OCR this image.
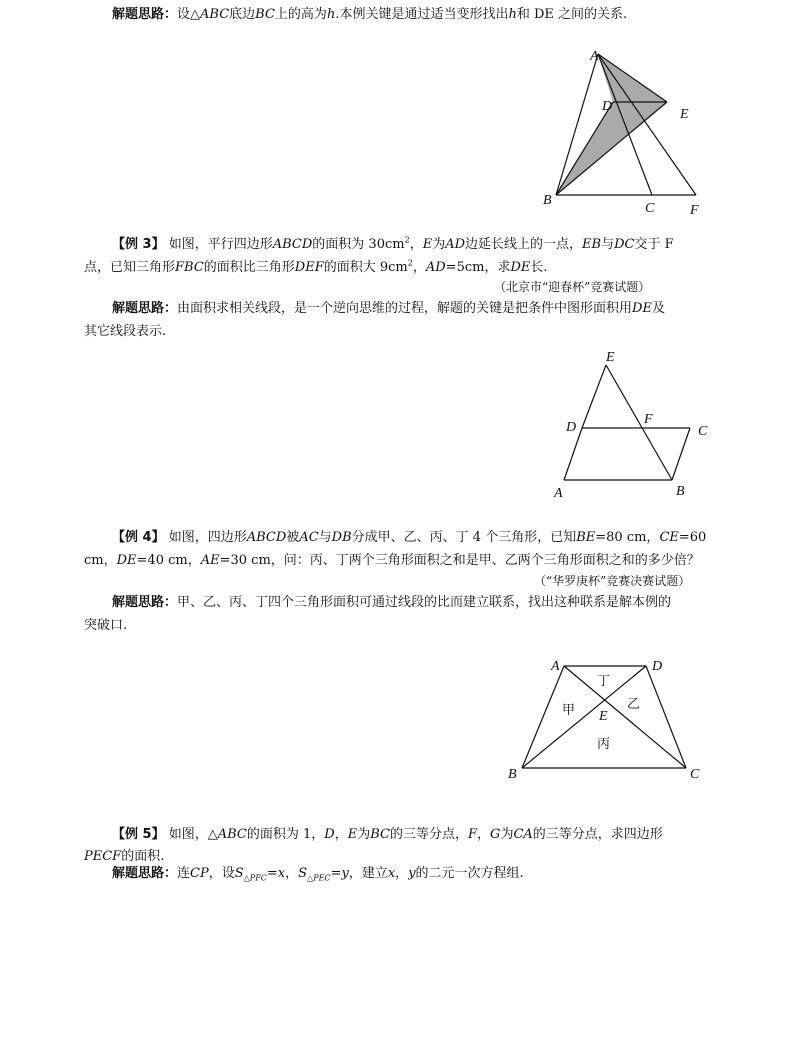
解题思路：设△ABC底边BC上的高为h.本例关键是通过适当变形找出h和 DE 之间的关系.
A
D
E
B
C	F
【例 3】 如图，平行四边形ABCD的面积为 $30cm^2$，E为AD边延长线上的一点，EB与DC交于 F
点，已知三角形FBC的面积比三角形DEF的面积大 $9cm^2$，AD=5cm，求DE长.
（北京市“迎春杯”竞赛试题）
解题思路：由面积求相关线段，是一个逆向思维的过程，解题的关键是把条件中图形面积用DE及
其它线段表示.
E
D
F
C
A	B
【例 4】 如图，四边形ABCD被AC与DB分成甲、乙、丙、丁 4 个三角形，已知BE=80 cm，CE=60
cm，DE=40 cm，AE=30 cm，问：丙、丁两个三角形面积之和是甲、乙两个三角形面积之和的多少倍？
（“华罗庚杯”竞赛决赛试题）
解题思路：甲、乙、丙、丁四个三角形面积可通过线段的比而建立联系，找出这种联系是解本例的
突破口.
A	D
B	C
E
丁
甲	乙
丙
【例 5】 如图，△ABC的面积为 1，D，E为BC的三等分点，F，G为CA的三等分点，求四边形
PECF的面积.
解题思路：连CP，设$S_{\triangle PFC}=x$，$S_{\triangle PEC}=y$，建立x，y的二元一次方程组.
